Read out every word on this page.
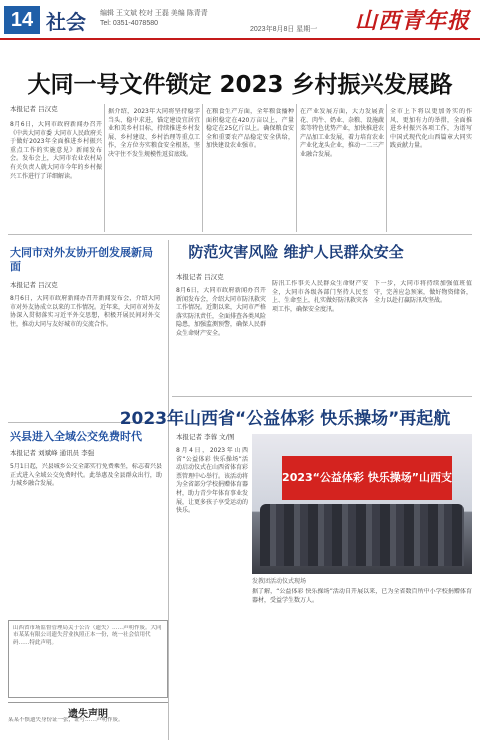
14 社会 编辑 王文斌 校对 王磊 美编 陈青青
Tel: 0351-4078580
2023年8月8日 星期一 山西青年报
大同一号文件锁定 2023 乡村振兴发展路
本报记者 吕汉克
8月6日，大同市政府新闻办召开《中共大同市委 大同市人民政府关于做好2023年全面推进乡村振兴重点工作的实施意见》新闻发布会。发布会上，大同市农业农村局有关负责人就大同市今年的乡村振兴工作进行了详细解读。
据介绍，2023年大同将坚持稳字当头、稳中求进，锚定建设宜居宜业和美乡村目标，持续推进乡村发展、乡村建设、乡村治理等重点工作，全方位夯实粮食安全根基，坚决守住不发生规模性返贫底线。
在粮食生产方面，全年粮食播种面积稳定在420万亩以上，产量稳定在25亿斤以上。确保粮食安全和重要农产品稳定安全供给，加快建设农业强市。
在产业发展方面，大力发展黄花、肉牛、奶业、杂粮、设施蔬菜等特色优势产业，加快推进农产品加工业发展，着力培育农业产业化龙头企业，推动一二三产业融合发展。
全市上下将以更加务实的作风、更加有力的举措，全面推进乡村振兴各项工作，为谱写中国式现代化山西篇章大同实践贡献力量。
大同市对外友协开创发展新局面
本报记者 吕汉克
8月6日，大同市政府新闻办召开新闻发布会，介绍大同市对外友协成立以来的工作情况。近年来，大同市对外友协深入贯彻落实习近平外交思想，积极开展民间对外交往，推动大同与友好城市的交流合作。
兴县进入全域公交免费时代
本报记者 刘斌峰 通讯员 李强
5月1日起，兴县城乡公交全部实行免费乘坐，标志着兴县正式进入全域公交免费时代。此举惠及全县群众出行，助力城乡融合发展。
山西省市场监督管理局关于公告（遗失）……声明作废。大同市某某有限公司遗失营业执照正本一份，统一社会信用代码……特此声明。
遗失声明
某某不慎遗失身份证一张，证号……声明作废。
防范灾害风险 维护人民群众安全
本报记者 吕汉克
8月6日，大同市政府新闻办召开新闻发布会，介绍大同市防汛救灾工作情况。近期以来，大同市严格落实防汛责任，全面排查各类风险隐患，加强监测预警，确保人民群众生命财产安全。
防汛工作事关人民群众生命财产安全，大同市各级各部门坚持人民至上、生命至上，扎实做好防汛救灾各项工作，确保安全度汛。
下一步，大同市将持续加强值班值守，完善应急预案，做好物资储备，全力以赴打赢防汛攻坚战。
2023年山西省“公益体彩 快乐操场”再起航
本报记者 李蓉 文/图
8月4日，2023年山西省“公益体彩 快乐操场”活动启动仪式在山西省体育彩票管理中心举行。该活动将为全省部分学校捐赠体育器材，助力青少年体育事业发展，让更多孩子享受运动的快乐。
2023“公益体彩 快乐操场”山西支
发教团活动仪式现场
据了解，“公益体彩 快乐操场”活动自开展以来，已为全省数百所中小学校捐赠体育器材，受益学生数万人。
